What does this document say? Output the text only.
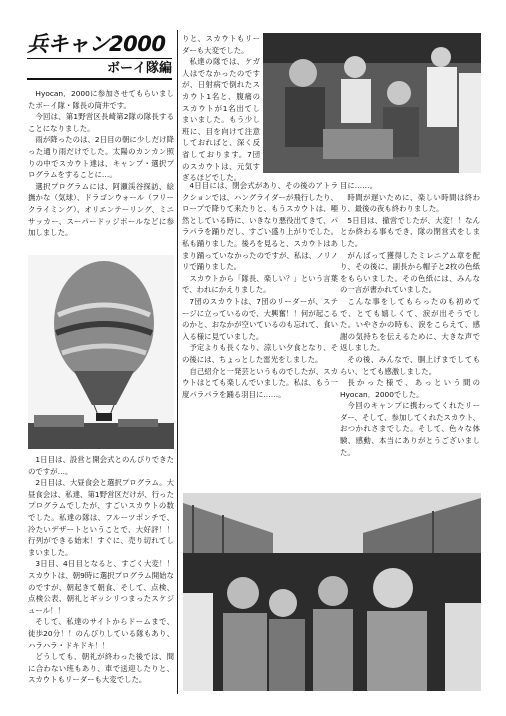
兵キャン2000
ボーイ隊編

Hyocan．2000に参加させてもらいましたボーイ隊・隊長の筒井です。

今回は、第1野営区長崎第2隊の隊長することになりました。

雨が降ったのは、2日目の朝に少しだけ降った通り雨だけでした。太陽のカンカン照りの中でスカウト達は、キャンプ・選択プログラムをすることに…。

選択プログラムには、阿瀬渓谷探訪、絵撫かな（気球）、ドラゴンウォール（フリークライミング）、オリエンテーリング、ミニサッカー、スーパードッジボールなどに参加しました。

1日目は、設営と開会式とのんびりできたのですが…。

2日目は、大昼食会と選択プログラム。大昼食会は、私達、第1野営区だけが、行ったプログラムでしたが、すごいスカウトの数でした。私達の隊は、フルーツポンチで、冷たいデザートということで、大好評！！行列ができる始末！すぐに、売り切れてしまいました。

3日目、4日目となると、すごく大変！！スカウトは、朝9時に選択プログラム開始なのですが、朝起きて朝食、そして、点検、点検公表、朝礼とギッシリつまったスケジュール！！

そして、私達のサイトからドームまで、徒歩20分！！のんびりしている隊もあり、ハラハラ・ドキドキ！！

どうしても、朝礼が終わった後では、間に合わない班もあり、車で送迎したりと、スカウトもリーダーも大変でした。

りと、スカウトもリーダーも大変でした。

私達の隊では、ケガ人はでなかったのですが、日射病で倒れたスカウト1名と、腹痛のスカウトが1名出てしまいました。もう少し班に、目を向けて注意しておればと、深く反省しております。7団のスカウトは、元気すぎるほどでした。

4日目には、閉会式があり、その後のアトラクションでは、ハングライダーが飛行したり、ロープで降りて来たりと、もうスカウトは、唖然としている時に、いきなり悪役出てきて、パラパラを踊りだし、すごい盛り上がりでした。私も踊りました。後ろを見ると、スカウトはあまり踊っていなかったのですが、私は、ノリノリで踊りました。

スカウトから「隊長、楽しい？」という言葉で、われにかえりました。

7団のスカウトは、7団のリーダーが、ステージに立っているので、大興奮！！何が起こるのかと、おなかが空いているのも忘れて、食い入る様に見ていました。

予定よりも長くなり、涼しい夕食となり、その後には、ちょっとした雷光をしました。

自己紹介と一発芸というものでしたが、スカウトはとても楽しんでいました。私は、もう一度パラパラを踊る羽目に……。

目に……。

時間が遅いために、楽しい時間は終わり、最後の夜も終わりました。

5日目は、撤営でしたが、大変！！なんとか終わる事もでき、隊の閉営式をしました。

がんばって獲得したミレニアム章を配り、その後に、副長から帽子と2枚の色紙をもらいました。その色紙には、みんなの一言が書かれていました。

こんな事をしてもらったのも初めてで、とても嬉しくて、涙が出そうでした。いやさかの時も、涙をこらえて、感謝の気持ちを伝えるために、大きな声で返しました。

その後、みんなで、胴上げまでしてもらい、とても感激しました。

長かった様で、あっという間のHyocan．2000でした。

今回のキャンプに携わってくれたリーダー、そして、参加してくれたスカウト、おつかれさまでした。そして、色々な体験、感動、本当にありがとうございました。
